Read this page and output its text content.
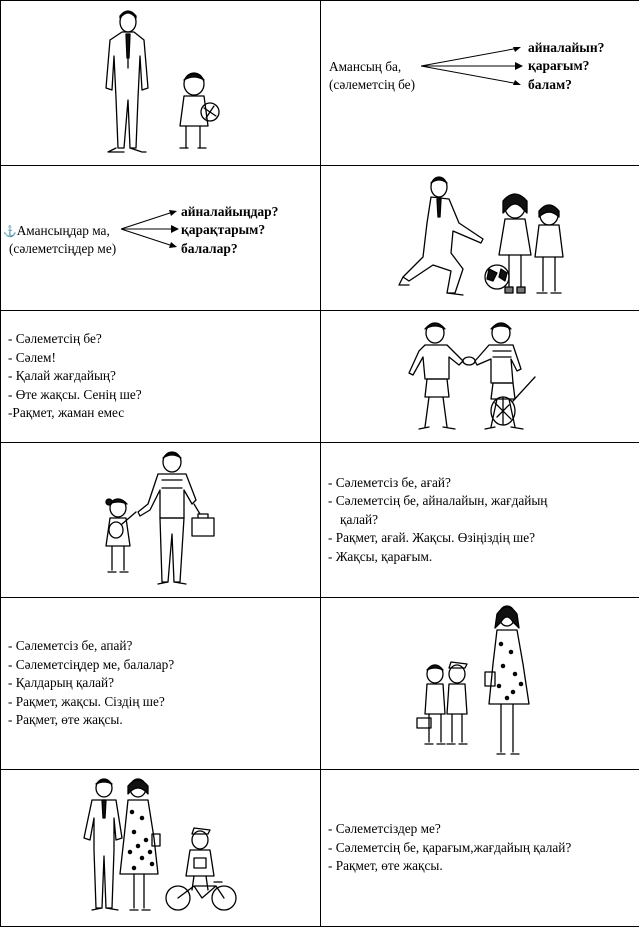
Амансың ба,
(сәлеметсің бе)
айналайын?
қарағым?
балам?

⚓Амансыңдар ма,
(сәлеметсіңдер ме)
айналайыңдар?
қарақтарым?
балалар?

- Сәлеметсің бе?
- Сәлем!
- Қалай жағдайың?
- Өте жақсы. Сенің ше?
-Рақмет, жаман емес

- Сәлеметсіз бе, ағай?
- Сәлеметсің бе, айналайын, жағдайың
қалай?
- Рақмет, ағай. Жақсы. Өзіңіздің ше?
- Жақсы, қарағым.

- Сәлеметсіз бе, апай?
- Сәлеметсіңдер ме, балалар?
- Қалдарың қалай?
- Рақмет, жақсы. Сіздің ше?
- Рақмет, өте жақсы.

- Сәлеметсіздер ме?
- Сәлеметсің бе, қарағым,жағдайың қалай?
- Рақмет, өте жақсы.
